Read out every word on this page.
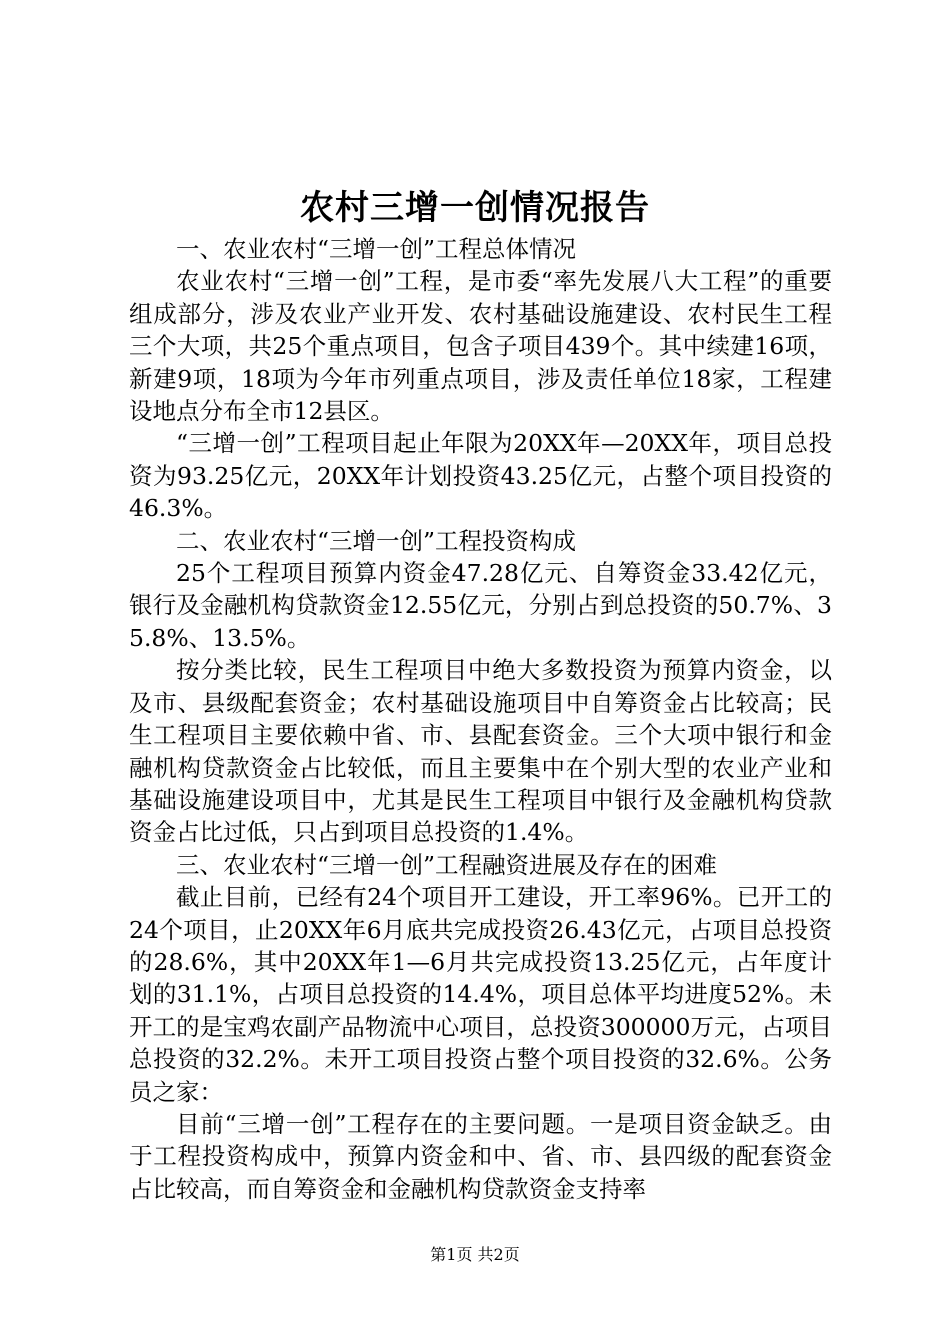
农村三增一创情况报告

一、农业农村“三增一创”工程总体情况

农业农村“三增一创”工程，是市委“率先发展八大工程”的重要组成部分，涉及农业产业开发、农村基础设施建设、农村民生工程三个大项，共25个重点项目，包含子项目439个。其中续建16项，新建9项，18项为今年市列重点项目，涉及责任单位18家，工程建设地点分布全市12县区。

“三增一创”工程项目起止年限为20XX年—20XX年，项目总投资为93.25亿元，20XX年计划投资43.25亿元，占整个项目投资的46.3%。

二、农业农村“三增一创”工程投资构成

25个工程项目预算内资金47.28亿元、自筹资金33.42亿元，银行及金融机构贷款资金12.55亿元，分别占到总投资的50.7%、35.8%、13.5%。

按分类比较，民生工程项目中绝大多数投资为预算内资金，以及市、县级配套资金；农村基础设施项目中自筹资金占比较高；民生工程项目主要依赖中省、市、县配套资金。三个大项中银行和金融机构贷款资金占比较低，而且主要集中在个别大型的农业产业和基础设施建设项目中，尤其是民生工程项目中银行及金融机构贷款资金占比过低，只占到项目总投资的1.4%。

三、农业农村“三增一创”工程融资进展及存在的困难

截止目前，已经有24个项目开工建设，开工率96%。已开工的24个项目，止20XX年6月底共完成投资26.43亿元，占项目总投资的28.6%，其中20XX年1—6月共完成投资13.25亿元，占年度计划的31.1%，占项目总投资的14.4%，项目总体平均进度52%。未开工的是宝鸡农副产品物流中心项目，总投资300000万元，占项目总投资的32.2%。未开工项目投资占整个项目投资的32.6%。公务员之家：

目前“三增一创”工程存在的主要问题。一是项目资金缺乏。由于工程投资构成中，预算内资金和中、省、市、县四级的配套资金占比较高，而自筹资金和金融机构贷款资金支持率

第1页 共2页
